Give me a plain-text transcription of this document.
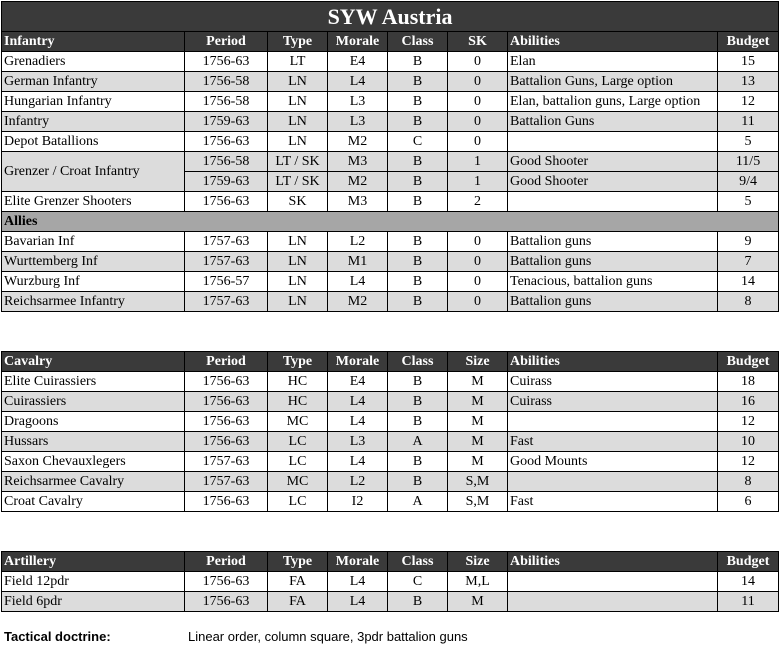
SYW Austria							
Infantry	Period	Type	Morale	Class	SK	Abilities	Budget
Grenadiers	1756-63	LT	E4	B	0	Elan	15
German Infantry	1756-58	LN	L4	B	0	Battalion Guns, Large option	13
Hungarian Infantry	1756-58	LN	L3	B	0	Elan, battalion guns, Large option	12
Infantry	1759-63	LN	L3	B	0	Battalion Guns	11
Depot Batallions	1756-63	LN	M2	C	0		5
Grenzer / Croat Infantry	1756-58	LT / SK	M3	B	1	Good Shooter	11/5
	1759-63	LT / SK	M2	B	1	Good Shooter	9/4
Elite Grenzer Shooters	1756-63	SK	M3	B	2		5
Allies							
Bavarian Inf	1757-63	LN	L2	B	0	Battalion guns	9
Wurttemberg Inf	1757-63	LN	M1	B	0	Battalion guns	7
Wurzburg Inf	1756-57	LN	L4	B	0	Tenacious, battalion guns	14
Reichsarmee Infantry	1757-63	LN	M2	B	0	Battalion guns	8
Cavalry	Period	Type	Morale	Class	Size	Abilities	Budget
Elite Cuirassiers	1756-63	HC	E4	B	M	Cuirass	18
Cuirassiers	1756-63	HC	L4	B	M	Cuirass	16
Dragoons	1756-63	MC	L4	B	M		12
Hussars	1756-63	LC	L3	A	M	Fast	10
Saxon Chevauxlegers	1757-63	LC	L4	B	M	Good Mounts	12
Reichsarmee Cavalry	1757-63	MC	L2	B	S,M		8
Croat Cavalry	1756-63	LC	I2	A	S,M	Fast	6
Artillery	Period	Type	Morale	Class	Size	Abilities	Budget
Field 12pdr	1756-63	FA	L4	C	M,L		14
Field 6pdr	1756-63	FA	L4	B	M		11
Tactical doctrine:	Linear order, column square, 3pdr battalion guns
